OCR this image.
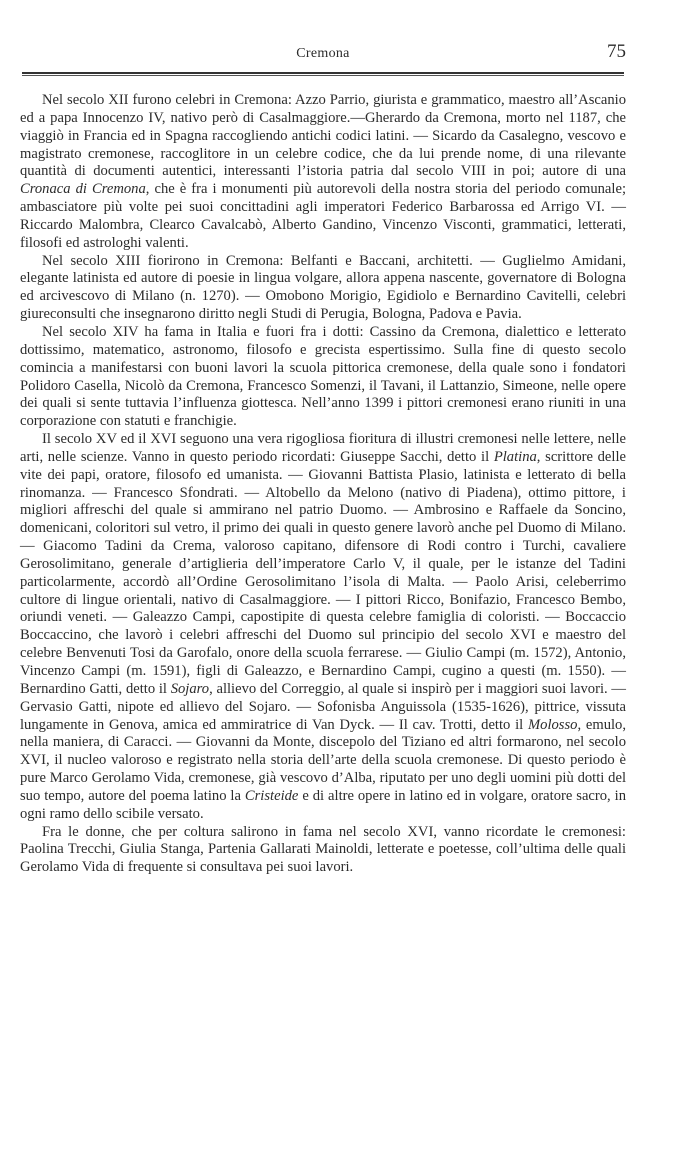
Cremona	75

Nel secolo XII furono celebri in Cremona: Azzo Parrio, giurista e grammatico, maestro all’Ascanio ed a papa Innocenzo IV, nativo però di Casalmaggiore.—Gherardo da Cremona, morto nel 1187, che viaggiò in Francia ed in Spagna raccogliendo antichi codici latini. — Sicardo da Casalegno, vescovo e magistrato cremonese, raccoglitore in un celebre codice, che da lui prende nome, di una rilevante quantità di documenti autentici, interessanti l’istoria patria dal secolo VIII in poi; autore di una Cronaca di Cremona, che è fra i monumenti più autorevoli della nostra storia del periodo comunale; ambasciatore più volte pei suoi concittadini agli imperatori Federico Barbarossa ed Arrigo VI. — Riccardo Malombra, Clearco Cavalcabò, Alberto Gandino, Vincenzo Visconti, grammatici, letterati, filosofi ed astrologhi valenti.

Nel secolo XIII fiorirono in Cremona: Belfanti e Baccani, architetti. — Guglielmo Amidani, elegante latinista ed autore di poesie in lingua volgare, allora appena nascente, governatore di Bologna ed arcivescovo di Milano (n. 1270). — Omobono Morigio, Egidiolo e Bernardino Cavitelli, celebri giureconsulti che insegnarono diritto negli Studi di Perugia, Bologna, Padova e Pavia.

Nel secolo XIV ha fama in Italia e fuori fra i dotti: Cassino da Cremona, dialettico e letterato dottissimo, matematico, astronomo, filosofo e grecista espertissimo. Sulla fine di questo secolo comincia a manifestarsi con buoni lavori la scuola pittorica cremonese, della quale sono i fondatori Polidoro Casella, Nicolò da Cremona, Francesco Somenzi, il Tavani, il Lattanzio, Simeone, nelle opere dei quali si sente tuttavia l’influenza giottesca. Nell’anno 1399 i pittori cremonesi erano riuniti in una corporazione con statuti e franchigie.

Il secolo XV ed il XVI seguono una vera rigogliosa fioritura di illustri cremonesi nelle lettere, nelle arti, nelle scienze. Vanno in questo periodo ricordati: Giuseppe Sacchi, detto il Platina, scrittore delle vite dei papi, oratore, filosofo ed umanista. — Giovanni Battista Plasio, latinista e letterato di bella rinomanza. — Francesco Sfondrati. — Altobello da Melono (nativo di Piadena), ottimo pittore, i migliori affreschi del quale si ammirano nel patrio Duomo. — Ambrosino e Raffaele da Soncino, domenicani, coloritori sul vetro, il primo dei quali in questo genere lavorò anche pel Duomo di Milano. — Giacomo Tadini da Crema, valoroso capitano, difensore di Rodi contro i Turchi, cavaliere Gerosolimitano, generale d’artiglieria dell’imperatore Carlo V, il quale, per le istanze del Tadini particolarmente, accordò all’Ordine Gerosolimitano l’isola di Malta. — Paolo Arisi, celeberrimo cultore di lingue orientali, nativo di Casalmaggiore. — I pittori Ricco, Bonifazio, Francesco Bembo, oriundi veneti. — Galeazzo Campi, capostipite di questa celebre famiglia di coloristi. — Boccaccio Boccaccino, che lavorò i celebri affreschi del Duomo sul principio del secolo XVI e maestro del celebre Benvenuti Tosi da Garofalo, onore della scuola ferrarese. — Giulio Campi (m. 1572), Antonio, Vincenzo Campi (m. 1591), figli di Galeazzo, e Bernardino Campi, cugino a questi (m. 1550). — Bernardino Gatti, detto il Sojaro, allievo del Correggio, al quale si inspirò per i maggiori suoi lavori. — Gervasio Gatti, nipote ed allievo del Sojaro. — Sofonisba Anguissola (1535-1626), pittrice, vissuta lungamente in Genova, amica ed ammiratrice di Van Dyck. — Il cav. Trotti, detto il Molosso, emulo, nella maniera, di Caracci. — Giovanni da Monte, discepolo del Tiziano ed altri formarono, nel secolo XVI, il nucleo valoroso e registrato nella storia dell’arte della scuola cremonese. Di questo periodo è pure Marco Gerolamo Vida, cremonese, già vescovo d’Alba, riputato per uno degli uomini più dotti del suo tempo, autore del poema latino la Cristeide e di altre opere in latino ed in volgare, oratore sacro, in ogni ramo dello scibile versato.

Fra le donne, che per coltura salirono in fama nel secolo XVI, vanno ricordate le cremonesi: Paolina Trecchi, Giulia Stanga, Partenia Gallarati Mainoldi, letterate e poetesse, coll’ultima delle quali Gerolamo Vida di frequente si consultava pei suoi lavori.
